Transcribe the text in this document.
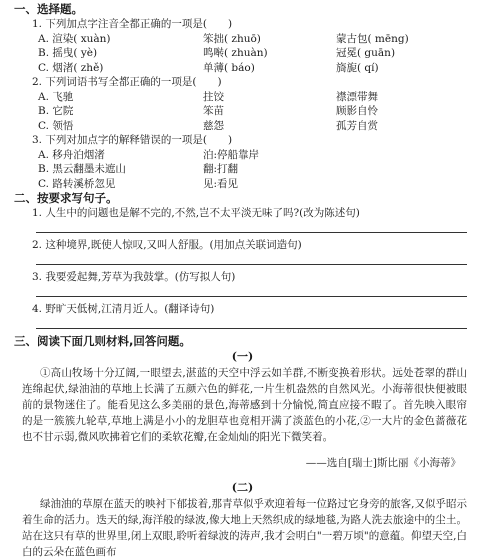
一、选择题。

1. 下列加点字注音全都正确的一项是(　　)

A. 渲染( xuàn)	笨拙( zhuō)	蒙古包( mēng)
B. 摇曳( yè)	鸣啭( zhuàn)	冠冕( guān)
C. 烟渚( zhě)	单薄( báo)	旖旎( qí)

2. 下列词语书写全都正确的一项是(　　)

A. 飞驰	拄饺	襟漂带舞
B. 它院	笨苗	顾影自怜
C. 领悟	慈怨	孤芳自赏

3. 下列对加点字的解释错误的一项是(　　)

A. 移舟泊烟渚	泊:停船靠岸
B. 黑云翻墨未遮山	翻:打翻
C. 路转溪桥忽见	见:看见

二、按要求写句子。

1. 人生中的问题也是解不完的,不然,岂不太平淡无味了吗?(改为陈述句)

2. 这种境界,既使人惊叹,又叫人舒服。(用加点关联词造句)

3. 我要爱起舞,芳草为我鼓掌。(仿写拟人句)

4. 野旷天低树,江清月近人。(翻译诗句)

三、阅读下面几则材料,回答问题。

(一)

①高山牧场十分辽阔,一眼望去,湛蓝的天空中浮云如羊群,不断变换着形状。远处苍翠的群山连绵起伏,绿油油的草地上长满了五颜六色的鲜花,一片生机盎然的自然风光。小海蒂很快便被眼前的景物迷住了。能看见这么多美丽的景色,海蒂感到十分愉悦,简直应接不暇了。首先映入眼帘的是一簇簇九轮草,草地上满是小小的龙胆草也竟相开满了淡蓝色的小花,②一大片的金色蔷薇花也不甘示弱,微风吹拂着它们的柔软花瓣,在金灿灿的阳光下微笑着。

——选自[瑞士]斯比丽《小海蒂》

(二)

绿油油的草原在蓝天的映衬下郁拔着,那青草似乎欢迎着每一位路过它身旁的旅客,又似乎昭示着生命的活力。迭天的绿,海洋般的绿波,像大地上天然织成的绿地毯,为路人洗去旅途中的尘土。站在这只有草的世界里,闭上双眼,聆听着绿波的涛声,我才会明白"一碧万顷"的意蕴。仰望天空,白白的云朵在蓝色画布
